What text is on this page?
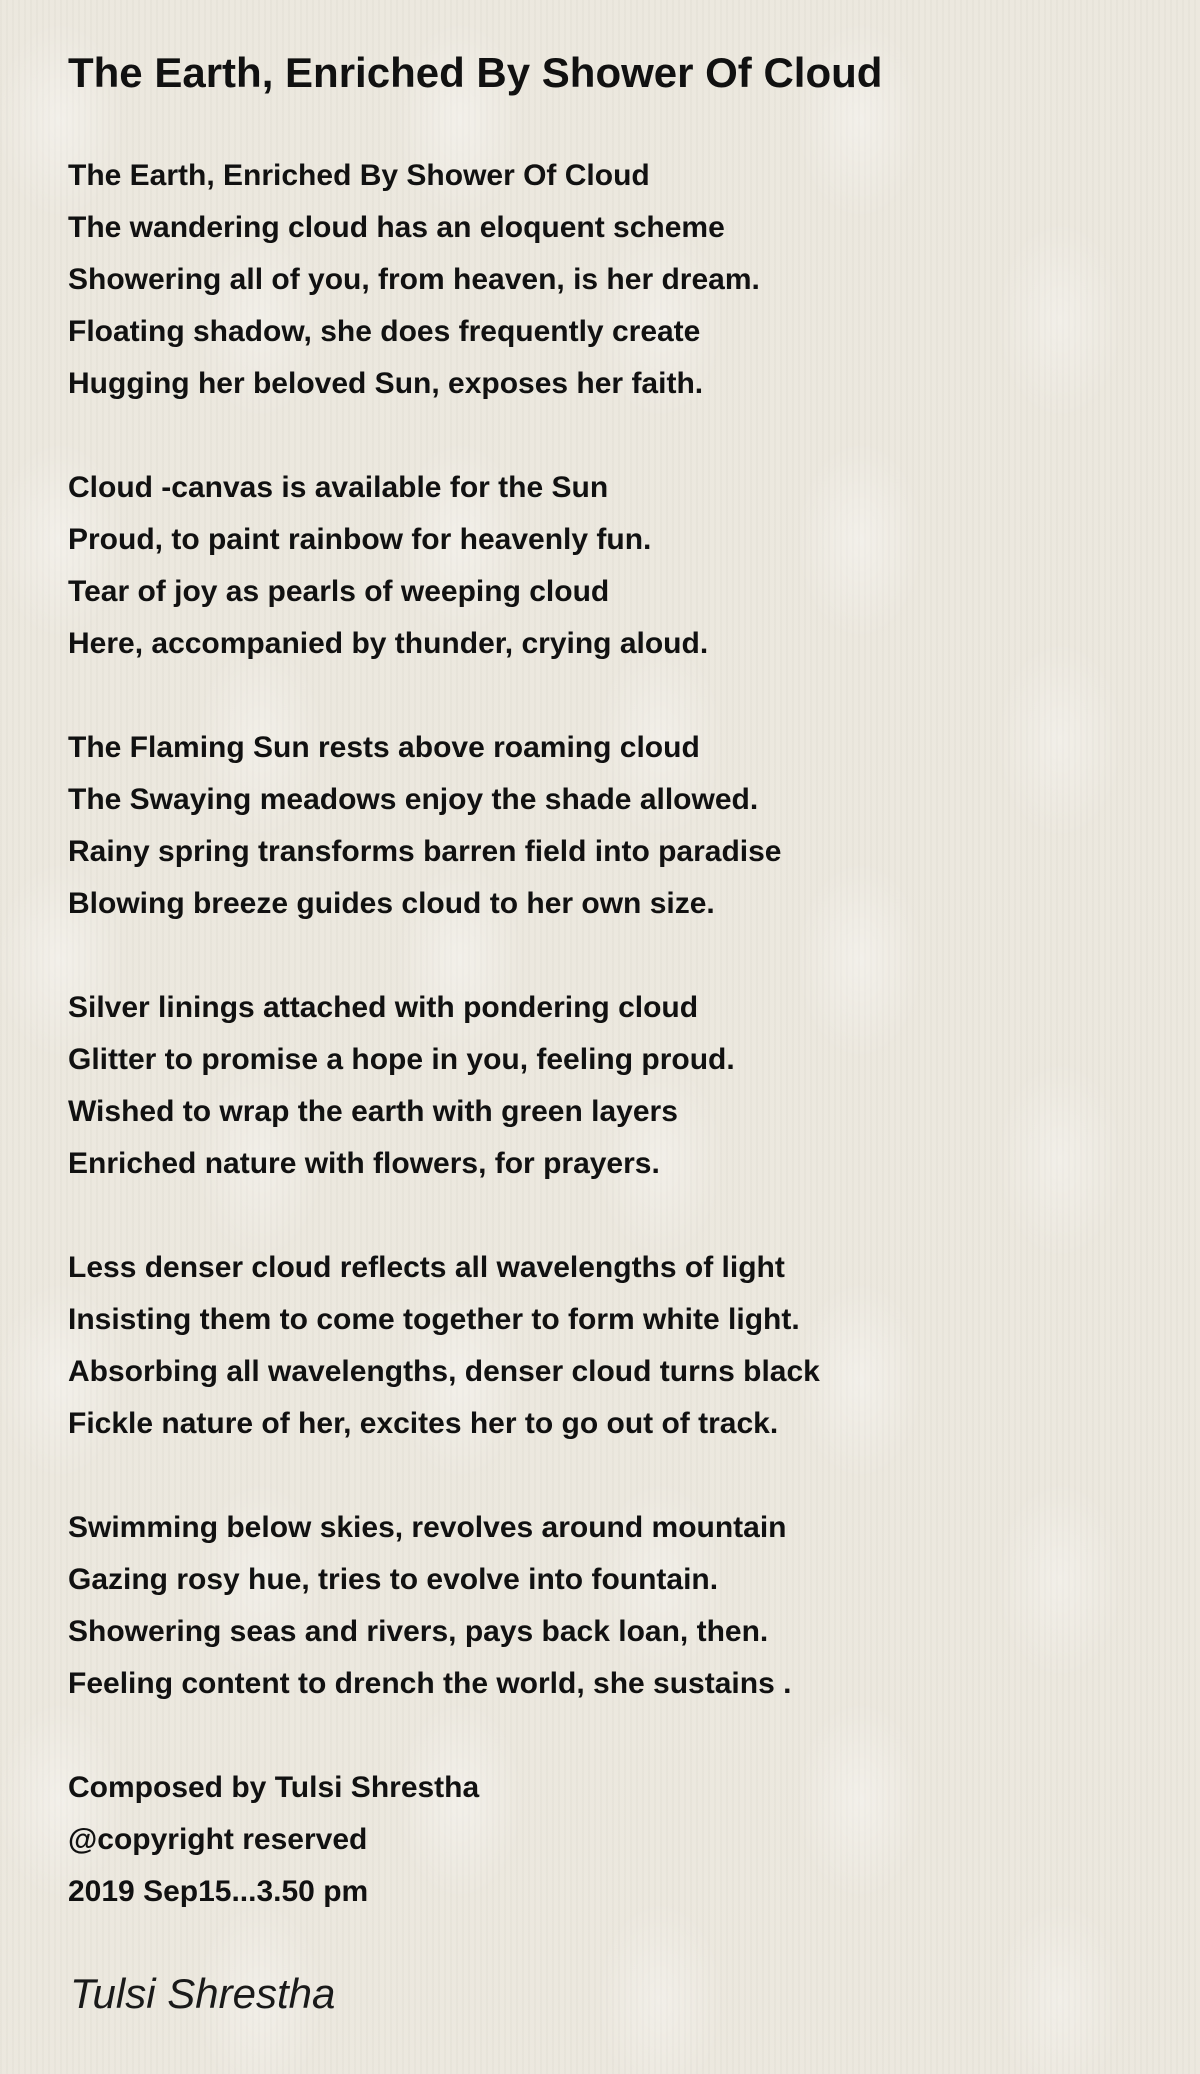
The Earth, Enriched By Shower Of Cloud
The Earth, Enriched By Shower Of Cloud
The wandering cloud has an eloquent scheme
Showering all of you, from heaven, is her dream.
Floating shadow, she does frequently create
Hugging her beloved Sun, exposes her faith.
Cloud -canvas is available for the Sun
Proud, to paint rainbow for heavenly fun.
Tear of joy as pearls of weeping cloud
Here, accompanied by thunder, crying aloud.
The Flaming Sun rests above roaming cloud
The Swaying meadows enjoy the shade allowed.
Rainy spring transforms barren field into paradise
Blowing breeze guides cloud to her own size.
Silver linings attached with pondering cloud
Glitter to promise a hope in you, feeling proud.
Wished to wrap the earth with green layers
Enriched nature with flowers, for prayers.
Less denser cloud reflects all wavelengths of light
Insisting them to come together to form white light.
Absorbing all wavelengths, denser cloud turns black
Fickle nature of her, excites her to go out of track.
Swimming below skies, revolves around mountain
Gazing rosy hue, tries to evolve into fountain.
Showering seas and rivers, pays back loan, then.
Feeling content to drench the world, she sustains .
Composed by Tulsi Shrestha
@copyright reserved
2019 Sep15...3.50 pm
Tulsi Shrestha
